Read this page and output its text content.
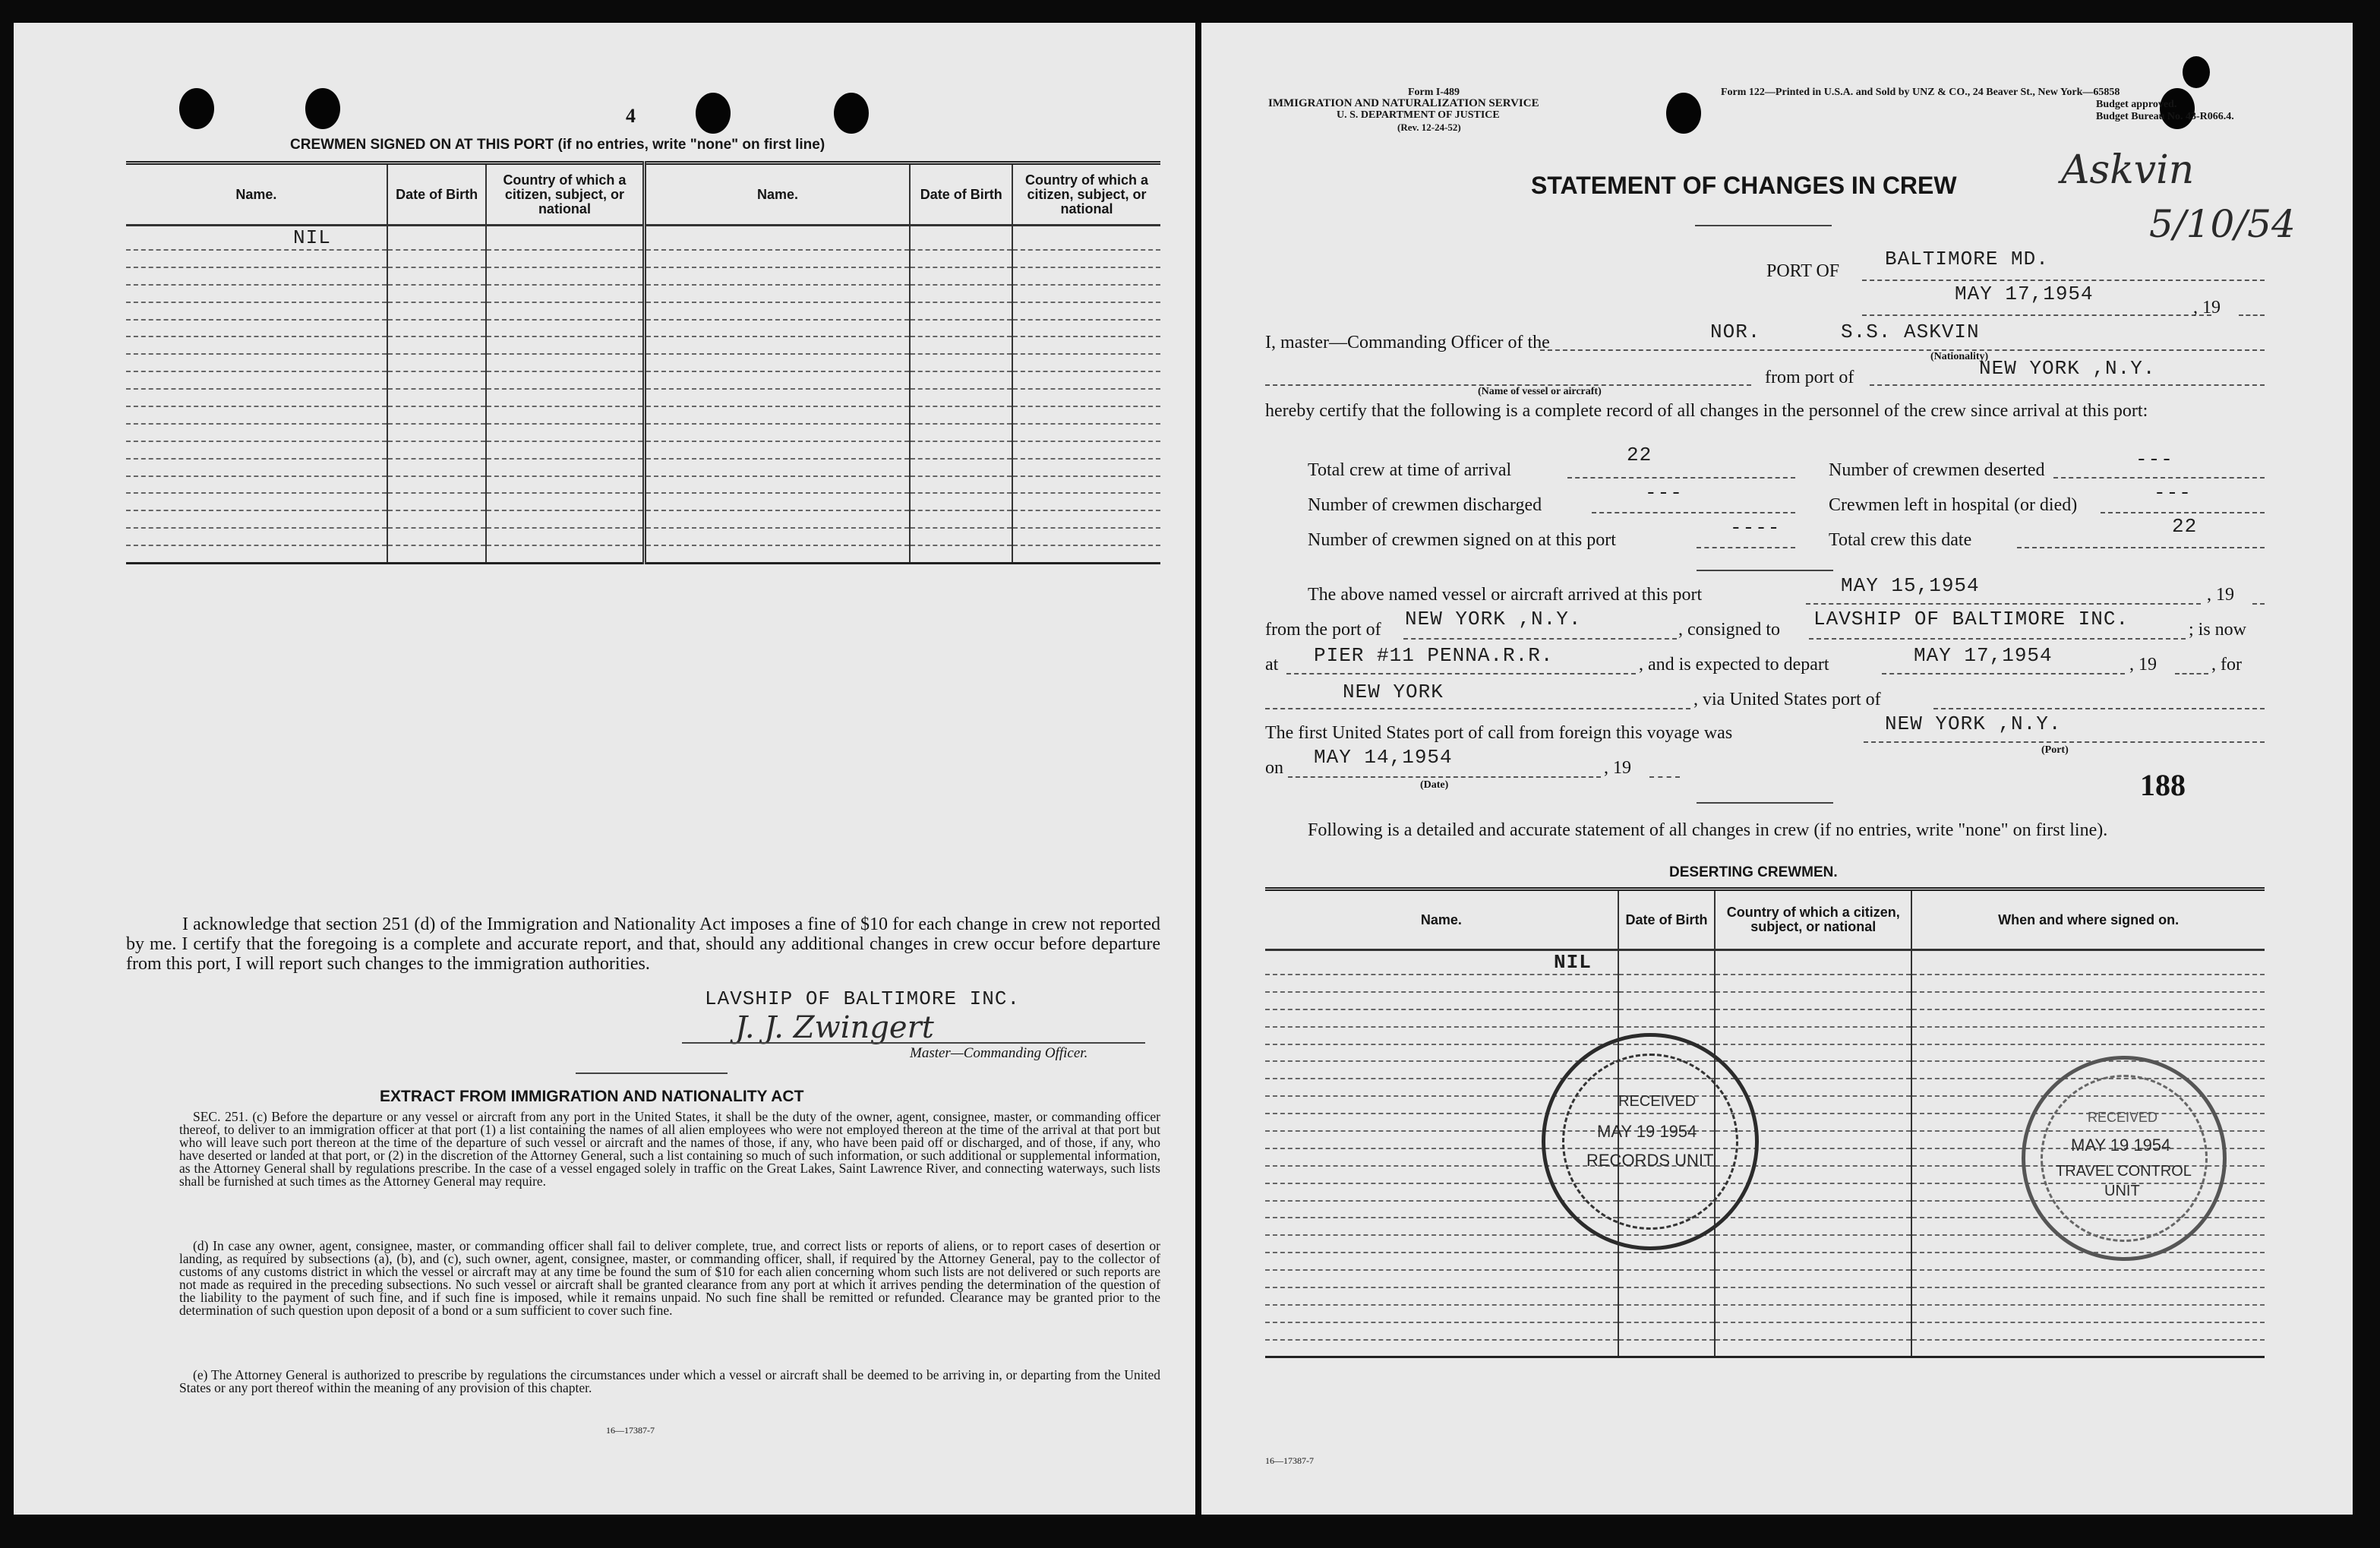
4
CREWMEN SIGNED ON AT THIS PORT (if no entries, write "none" on first line)
Name.	Date of Birth	Country of which a citizen, subject, or national	Name.	Date of Birth	Country of which a citizen, subject, or national
NIL					

I acknowledge that section 251 (d) of the Immigration and Nationality Act imposes a fine of $10 for each change in crew not reported by me. I certify that the foregoing is a complete and accurate report, and that, should any additional changes in crew occur before departure from this port, I will report such changes to the immigration authorities.
LAVSHIP OF BALTIMORE INC.
J. J. Zwingert
Master—Commanding Officer.
EXTRACT FROM IMMIGRATION AND NATIONALITY ACT
SEC. 251. (c) Before the departure or any vessel or aircraft from any port in the United States, it shall be the duty of the owner, agent, consignee, master, or commanding officer thereof, to deliver to an immigration officer at that port (1) a list containing the names of all alien employees who were not employed thereon at the time of the arrival at that port but who will leave such port thereon at the time of the departure of such vessel or aircraft and the names of those, if any, who have been paid off or discharged, and of those, if any, who have deserted or landed at that port, or (2) in the discretion of the Attorney General, such a list containing so much of such information, or such additional or supplemental information, as the Attorney General shall by regulations prescribe. In the case of a vessel engaged solely in traffic on the Great Lakes, Saint Lawrence River, and connecting waterways, such lists shall be furnished at such times as the Attorney General may require.
(d) In case any owner, agent, consignee, master, or commanding officer shall fail to deliver complete, true, and correct lists or reports of aliens, or to report cases of desertion or landing, as required by subsections (a), (b), and (c), such owner, agent, consignee, master, or commanding officer, shall, if required by the Attorney General, pay to the collector of customs of any customs district in which the vessel or aircraft may at any time be found the sum of $10 for each alien concerning whom such lists are not delivered or such reports are not made as required in the preceding subsections. No such vessel or aircraft shall be granted clearance from any port at which it arrives pending the determination of the question of the liability to the payment of such fine, and if such fine is imposed, while it remains unpaid. No such fine shall be remitted or refunded. Clearance may be granted prior to the determination of such question upon deposit of a bond or a sum sufficient to cover such fine.
(e) The Attorney General is authorized to prescribe by regulations the circumstances under which a vessel or aircraft shall be deemed to be arriving in, or departing from the United States or any port thereof within the meaning of any provision of this chapter.
16—17387-7
Form I-489
IMMIGRATION AND NATURALIZATION SERVICE
U. S. DEPARTMENT OF JUSTICE
(Rev. 12-24-52)
Form 122—Printed in U.S.A. and Sold by UNZ & CO., 24 Beaver St., New York—65858
Budget approved.
Budget Bureau No. 43-R066.4.
STATEMENT OF CHANGES IN CREW	Askvin
5/10/54
PORT OF
BALTIMORE MD.
MAY 17,1954
, 19
I, master—Commanding Officer of the	NOR.	S.S. ASKVIN
(Nationality)
from port of	NEW YORK ,N.Y.
(Name of vessel or aircraft)
hereby certify that the following is a complete record of all changes in the personnel of the crew since arrival at this port:
Total crew at time of arrival
22
Number of crewmen deserted	---
Number of crewmen discharged
---
Crewmen left in hospital (or died)
---
Number of crewmen signed on at this port
----
Total crew this date
22
The above named vessel or aircraft arrived at this port	MAY 15,1954	, 19
from the port of NEW YORK ,N.Y.	, consigned to LAVSHIP OF BALTIMORE INC.	; is now
at PIER #11 PENNA.R.R.	, and is expected to depart	MAY 17,1954	, 19	, for
NEW YORK	, via United States port of
The first United States port of call from foreign this voyage was	NEW YORK ,N.Y.
(Port)
on MAY 14,1954	, 19
(Date)	188
Following is a detailed and accurate statement of all changes in crew (if no entries, write "none" on first line).
DESERTING CREWMEN.
Name.	Date of Birth	Country of which a citizen, subject, or national	When and where signed on.
NIL			

16—17387-7
RECEIVED
MAY 19 1954
RECORDS UNIT
RECEIVED
MAY 19 1954
TRAVEL CONTROL
UNIT
